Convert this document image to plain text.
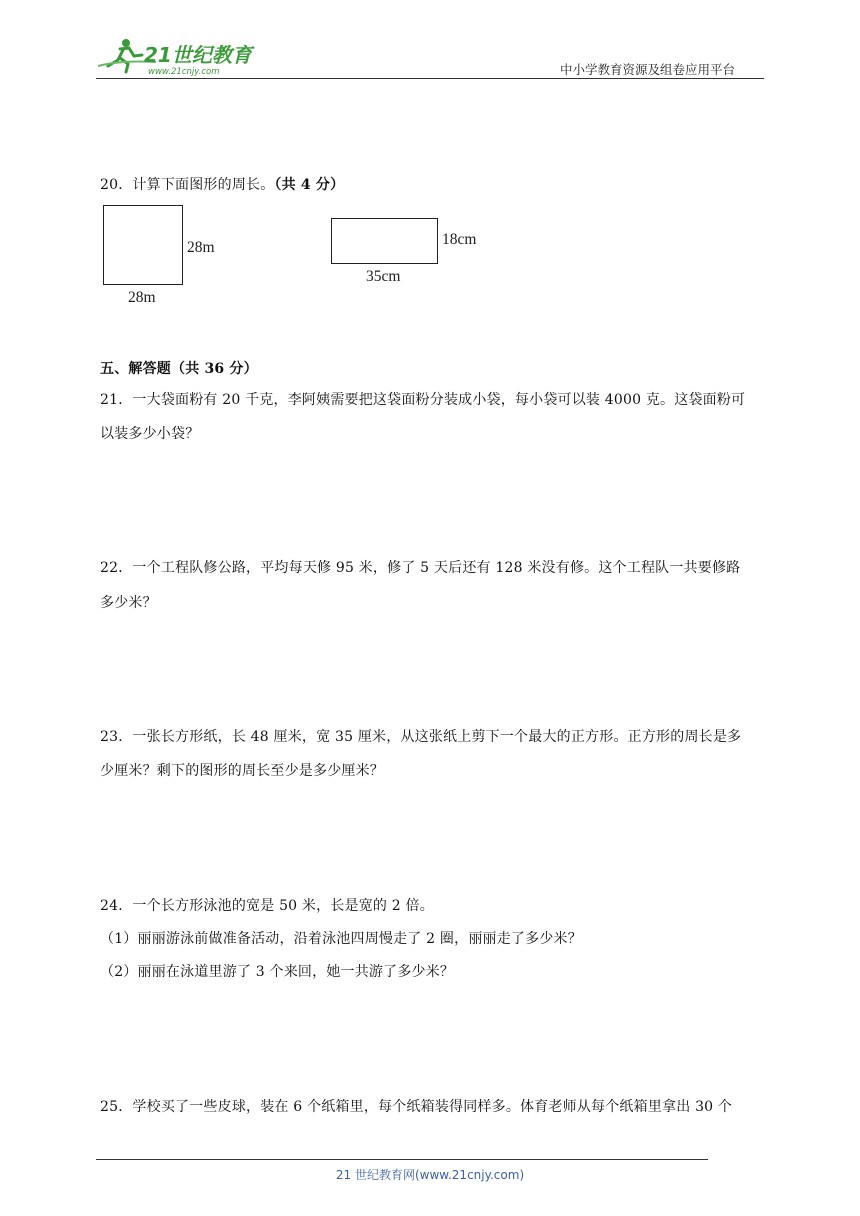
21世纪教育
www.21cnjy.com	中小学教育资源及组卷应用平台
20．计算下面图形的周长。（共 4 分）
28m
28m
18cm
35cm
五、解答题（共 36 分）
21．一大袋面粉有 20 千克，李阿姨需要把这袋面粉分装成小袋，每小袋可以装 4000 克。这袋面粉可
以装多少小袋？
22．一个工程队修公路，平均每天修 95 米，修了 5 天后还有 128 米没有修。这个工程队一共要修路
多少米？
23．一张长方形纸，长 48 厘米，宽 35 厘米，从这张纸上剪下一个最大的正方形。正方形的周长是多
少厘米？剩下的图形的周长至少是多少厘米？
24．一个长方形泳池的宽是 50 米，长是宽的 2 倍。
（1）丽丽游泳前做准备活动，沿着泳池四周慢走了 2 圈，丽丽走了多少米？
（2）丽丽在泳道里游了 3 个来回，她一共游了多少米？
25．学校买了一些皮球，装在 6 个纸箱里，每个纸箱装得同样多。体育老师从每个纸箱里拿出 30 个
21 世纪教育网(www.21cnjy.com)
